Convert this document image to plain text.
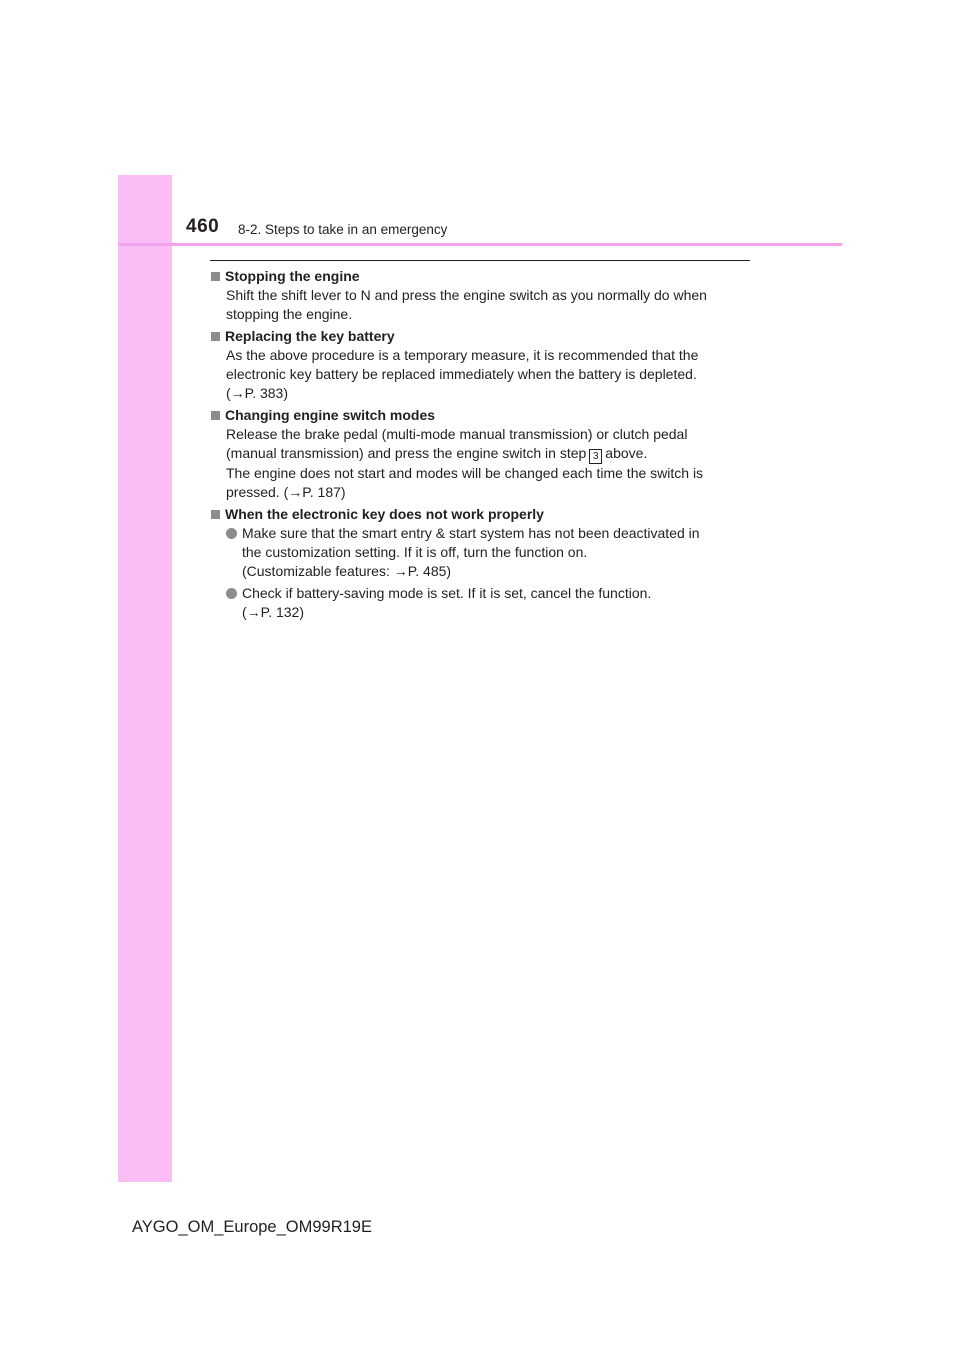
460 8-2. Steps to take in an emergency
Stopping the engine
Shift the shift lever to N and press the engine switch as you normally do when
stopping the engine.
Replacing the key battery
As the above procedure is a temporary measure, it is recommended that the
electronic key battery be replaced immediately when the battery is depleted.
(→P. 383)
Changing engine switch modes
Release the brake pedal (multi-mode manual transmission) or clutch pedal
(manual transmission) and press the engine switch in step 3 above.
The engine does not start and modes will be changed each time the switch is
pressed. (→P. 187)
When the electronic key does not work properly
Make sure that the smart entry & start system has not been deactivated in
the customization setting. If it is off, turn the function on.
(Customizable features: →P. 485)
Check if battery-saving mode is set. If it is set, cancel the function.
(→P. 132)
AYGO_OM_Europe_OM99R19E
